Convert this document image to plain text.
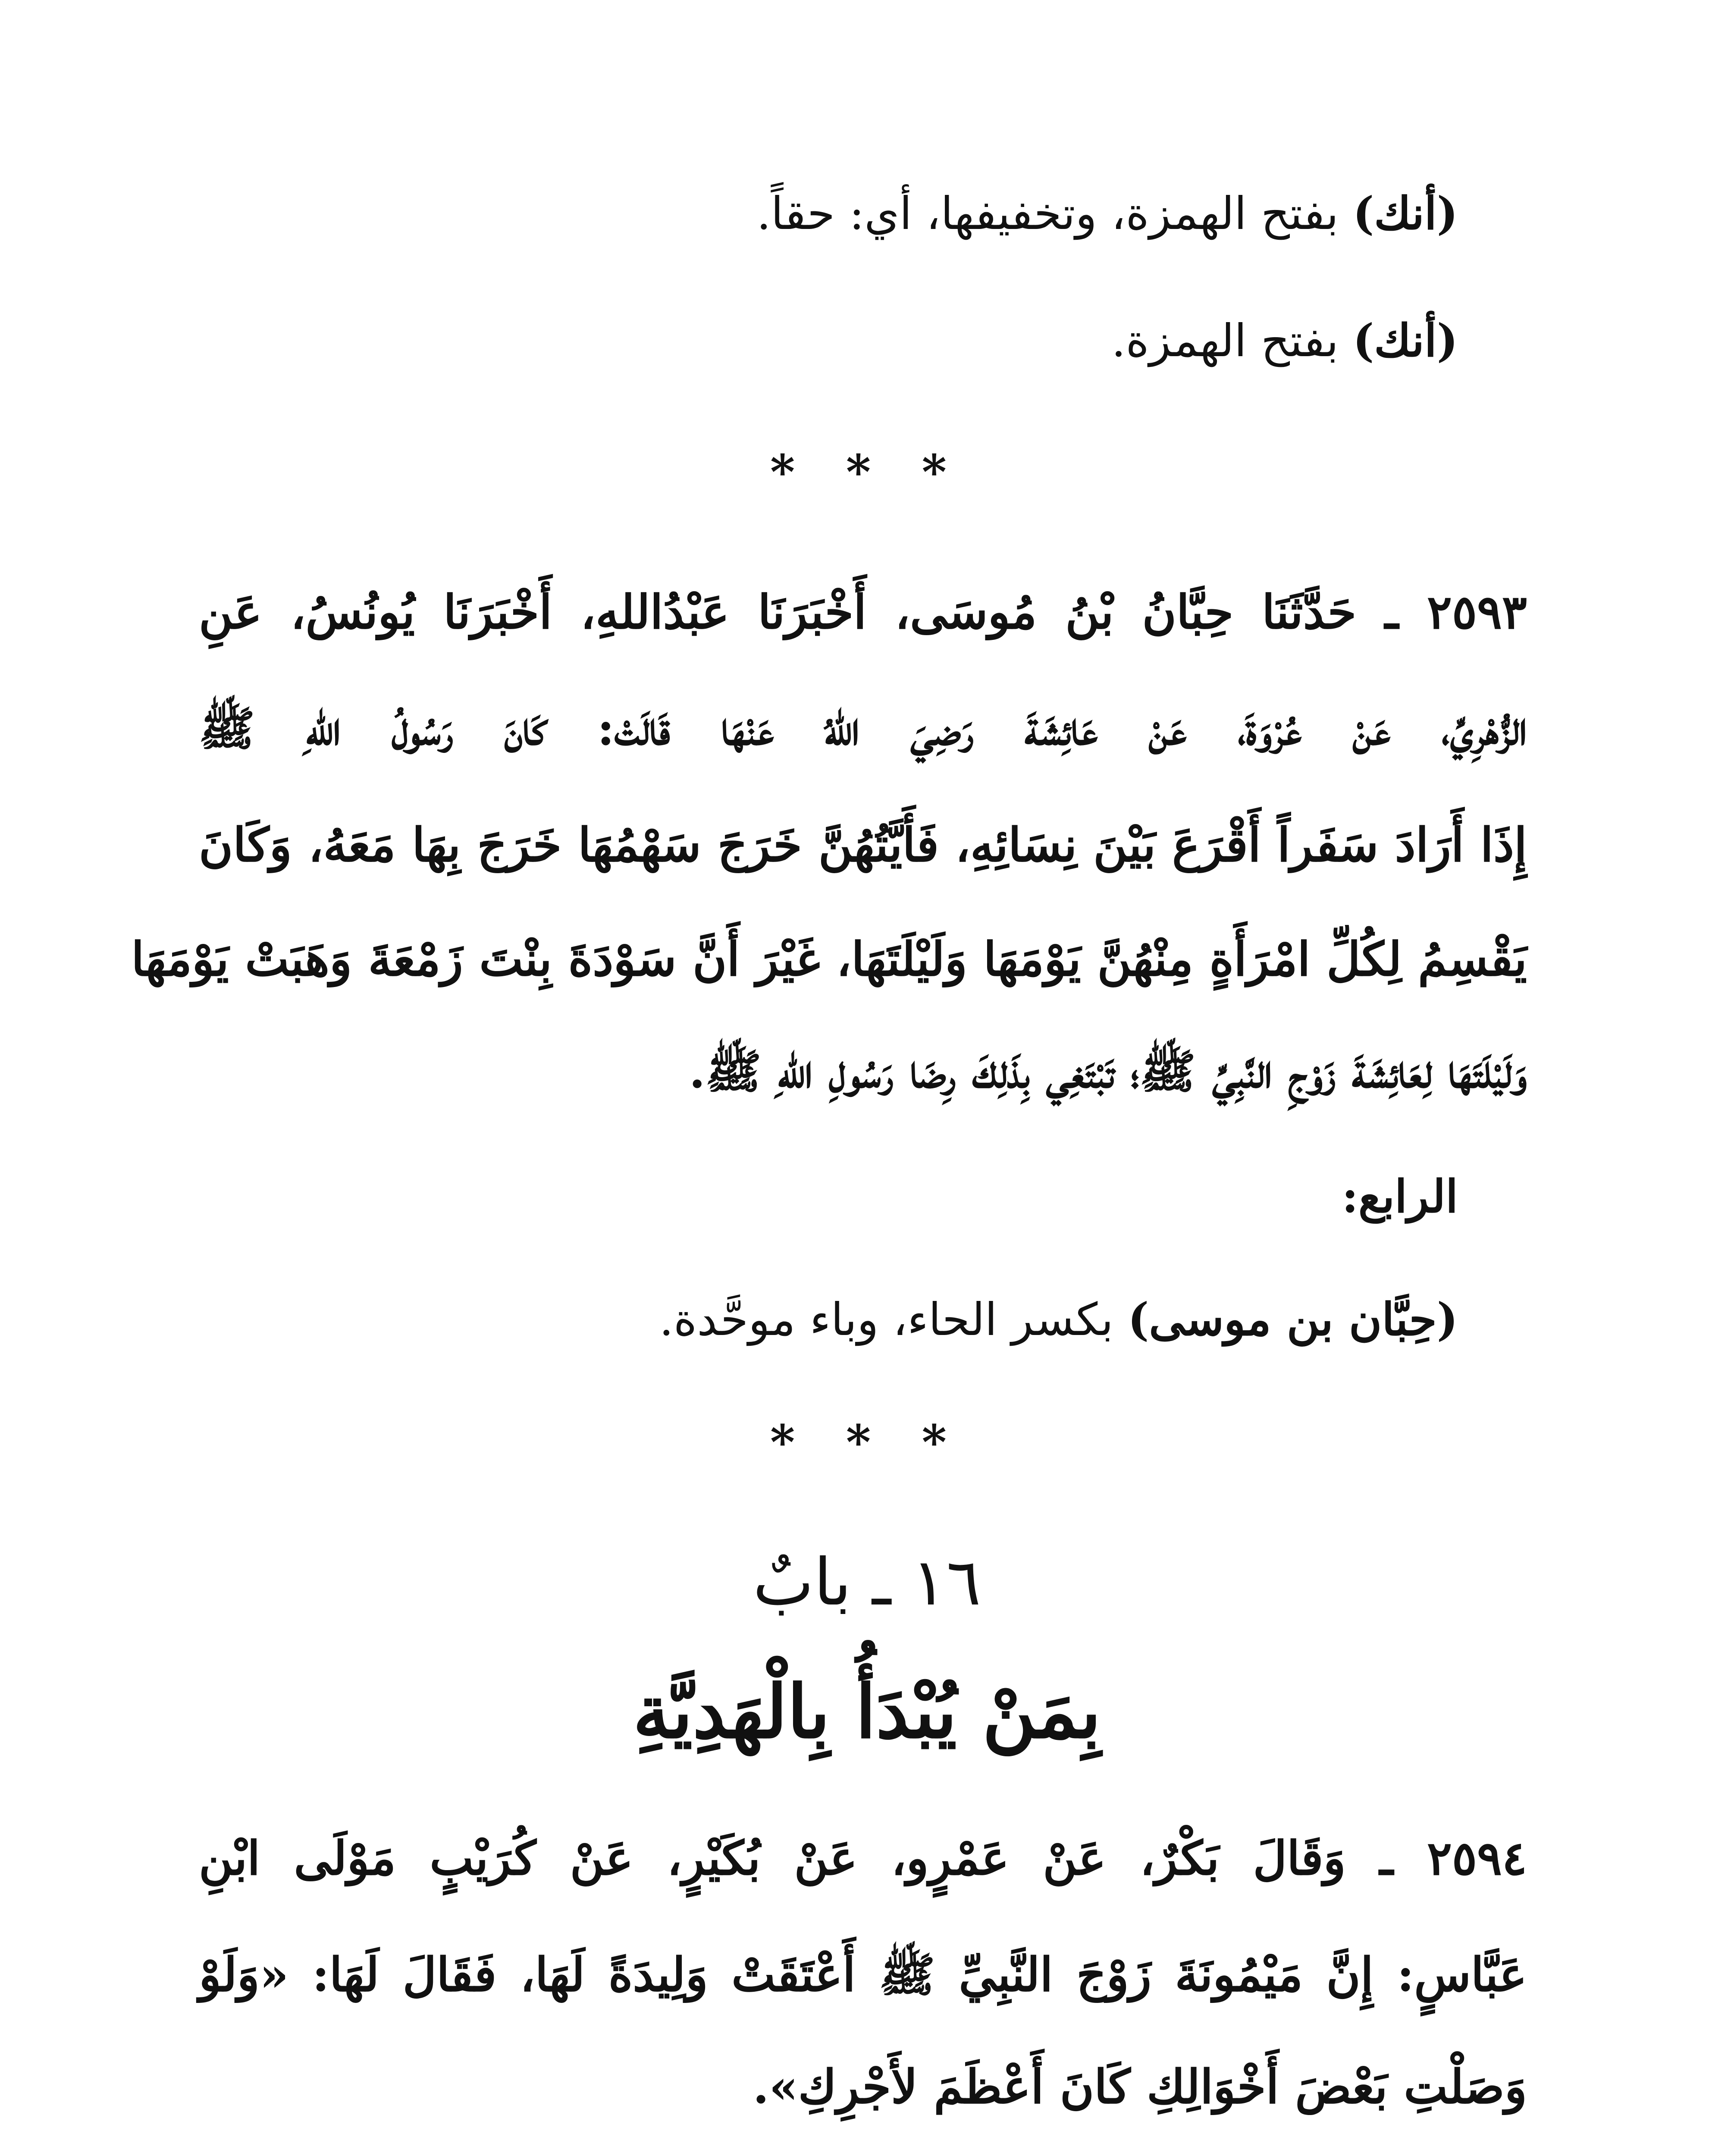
(أنك) بفتح الهمزة، وتخفيفها، أي: حقاً.

(أنك) بفتح الهمزة.

* * *

٢٥٩٣ ـ حَدَّثَنَا حِبَّانُ بْنُ مُوسَى، أَخْبَرَنَا عَبْدُاللهِ، أَخْبَرَنَا يُونُسُ، عَنِ

الزُّهْرِيِّ، عَنْ عُرْوَةَ، عَنْ عَائِشَةَ رَضِيَ اللهُ عَنْهَا قَالَتْ: كَانَ رَسُولُ اللهِ ﷺ

إِذَا أَرَادَ سَفَراً أَقْرَعَ بَيْنَ نِسَائِهِ، فَأَيَّتُهُنَّ خَرَجَ سَهْمُهَا خَرَجَ بِهَا مَعَهُ، وَكَانَ

يَقْسِمُ لِكُلِّ امْرَأَةٍ مِنْهُنَّ يَوْمَهَا وَلَيْلَتَهَا، غَيْرَ أَنَّ سَوْدَةَ بِنْتَ زَمْعَةَ وَهَبَتْ يَوْمَهَا

وَلَيْلَتَهَا لِعَائِشَةَ زَوْجِ النَّبِيِّ ﷺ؛ تَبْتَغِي بِذَلِكَ رِضَا رَسُولِ اللهِ ﷺ.

الرابع:

(حِبَّان بن موسى) بكسر الحاء، وباء موحَّدة.

* * *
١٦ ـ بابٌ
بِمَنْ يُبْدَأُ بِالْهَدِيَّةِ

٢٥٩٤ ـ وَقَالَ بَكْرٌ، عَنْ عَمْرٍو، عَنْ بُكَيْرٍ، عَنْ كُرَيْبٍ مَوْلَى ابْنِ

عَبَّاسٍ: إِنَّ مَيْمُونَةَ زَوْجَ النَّبِيِّ ﷺ أَعْتَقَتْ وَلِيدَةً لَهَا، فَقَالَ لَهَا: «وَلَوْ

وَصَلْتِ بَعْضَ أَخْوَالِكِ كَانَ أَعْظَمَ لأَجْرِكِ».
